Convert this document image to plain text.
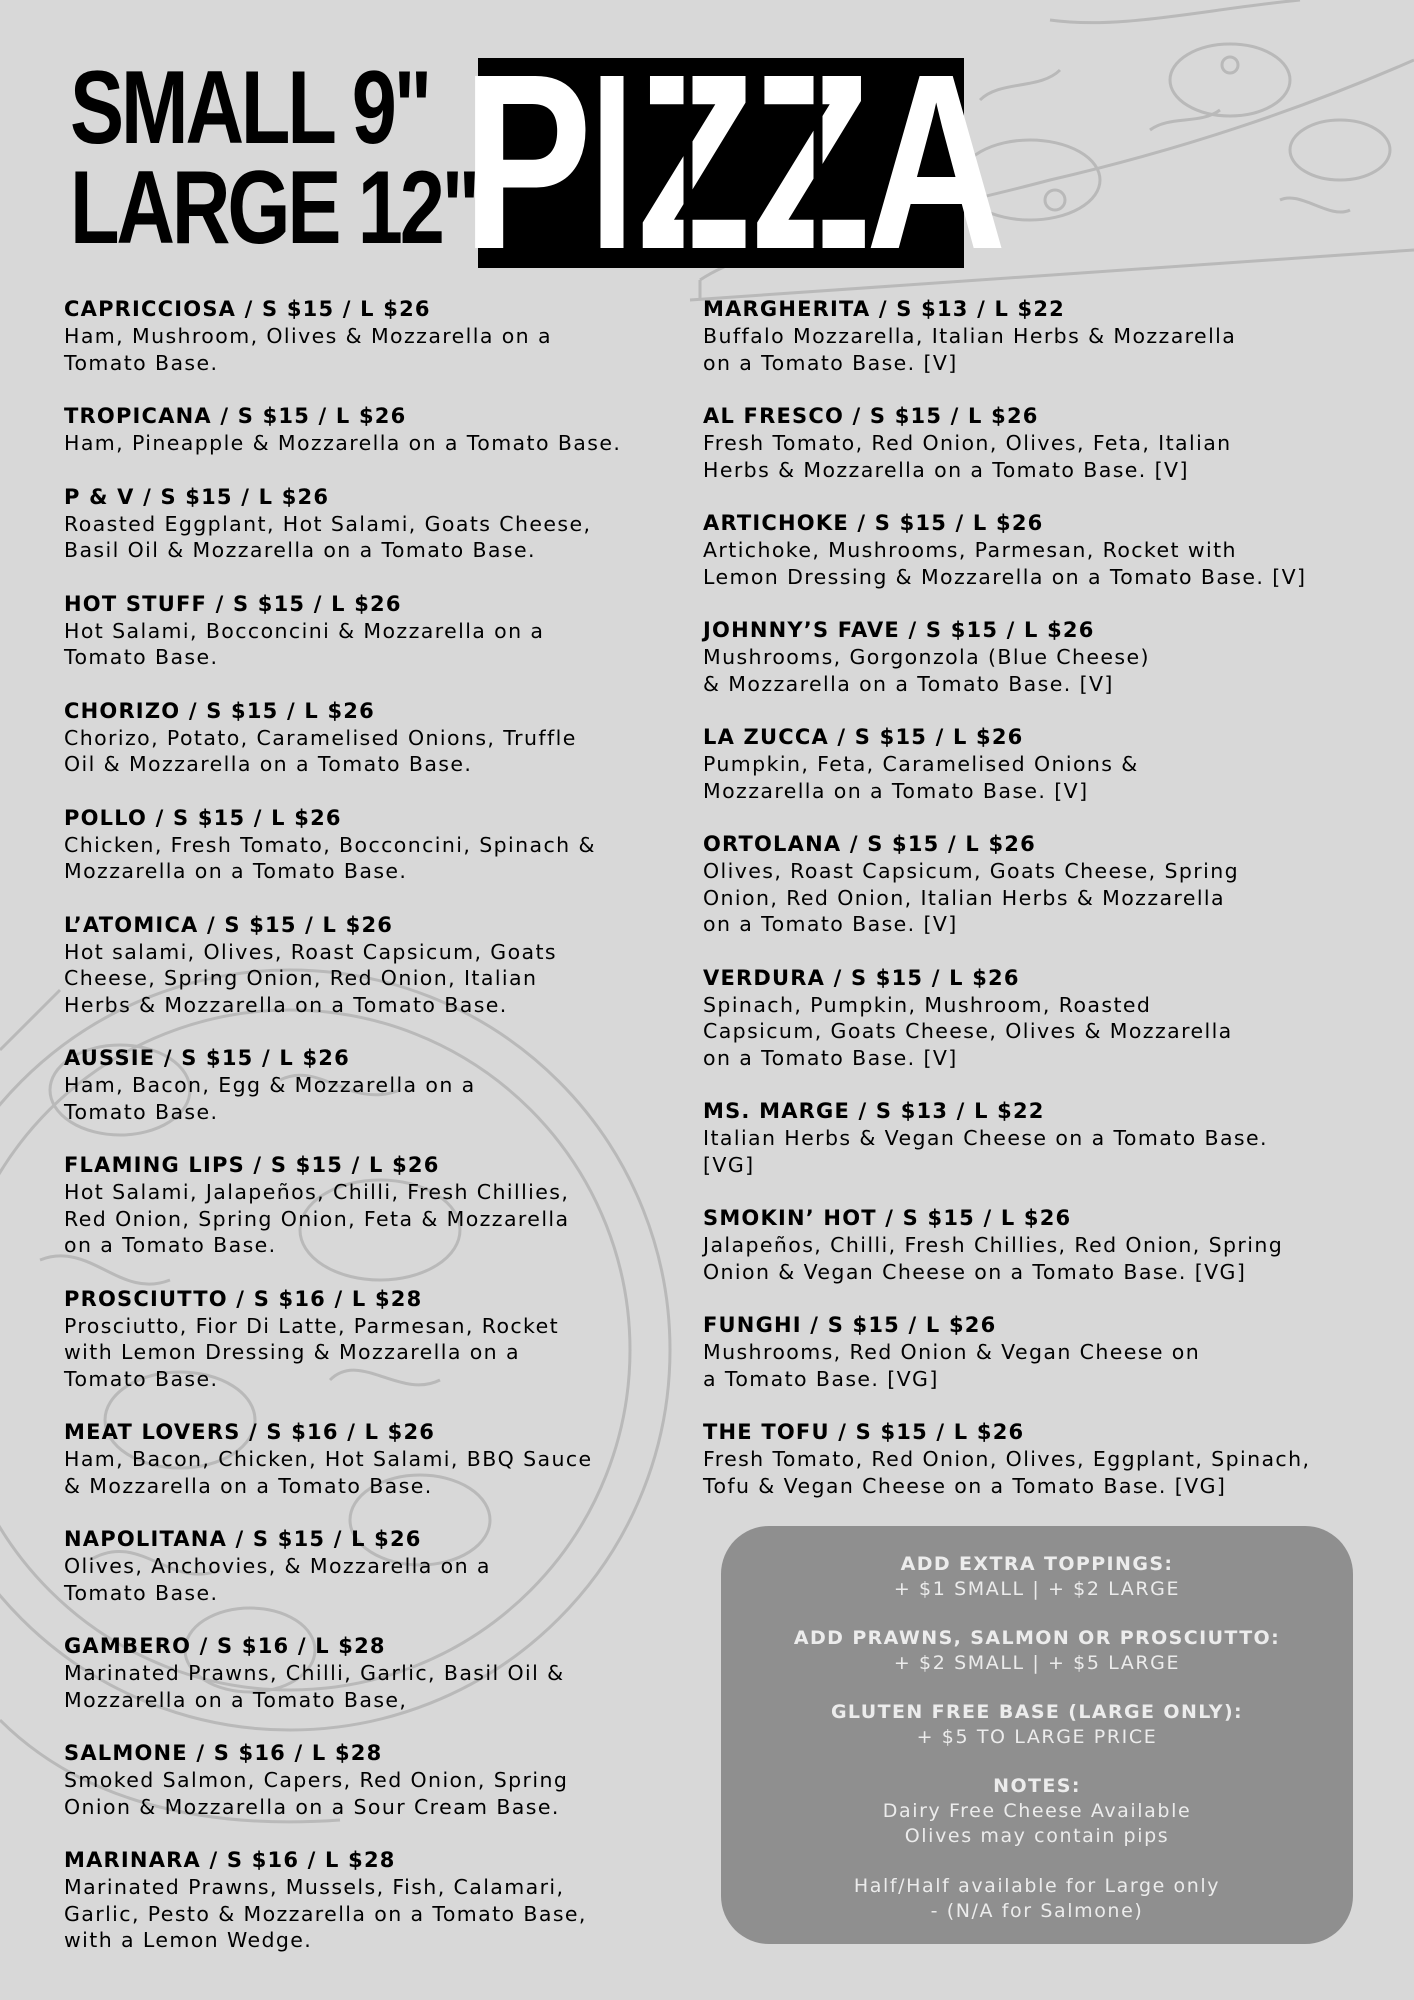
SMALL 9"
LARGE 12"
PIZZA
CAPRICCIOSA / S $15 / L $26
Ham, Mushroom, Olives & Mozzarella on a
Tomato Base.
TROPICANA / S $15 / L $26
Ham, Pineapple & Mozzarella on a Tomato Base.
P & V / S $15 / L $26
Roasted Eggplant, Hot Salami, Goats Cheese,
Basil Oil & Mozzarella on a Tomato Base.
HOT STUFF / S $15 / L $26
Hot Salami, Bocconcini & Mozzarella on a
Tomato Base.
CHORIZO / S $15 / L $26
Chorizo, Potato, Caramelised Onions, Truffle
Oil & Mozzarella on a Tomato Base.
POLLO / S $15 / L $26
Chicken, Fresh Tomato, Bocconcini, Spinach &
Mozzarella on a Tomato Base.
L’ATOMICA / S $15 / L $26
Hot salami, Olives, Roast Capsicum, Goats
Cheese, Spring Onion, Red Onion, Italian
Herbs & Mozzarella on a Tomato Base.
AUSSIE / S $15 / L $26
Ham, Bacon, Egg & Mozzarella on a
Tomato Base.
FLAMING LIPS / S $15 / L $26
Hot Salami, Jalapeños, Chilli, Fresh Chillies,
Red Onion, Spring Onion, Feta & Mozzarella
on a Tomato Base.
PROSCIUTTO / S $16 / L $28
Prosciutto, Fior Di Latte, Parmesan, Rocket
with Lemon Dressing & Mozzarella on a
Tomato Base.
MEAT LOVERS / S $16 / L $26
Ham, Bacon, Chicken, Hot Salami, BBQ Sauce
& Mozzarella on a Tomato Base.
NAPOLITANA / S $15 / L $26
Olives, Anchovies, & Mozzarella on a
Tomato Base.
GAMBERO / S $16 / L $28
Marinated Prawns, Chilli, Garlic, Basil Oil &
Mozzarella on a Tomato Base,
SALMONE / S $16 / L $28
Smoked Salmon, Capers, Red Onion, Spring
Onion & Mozzarella on a Sour Cream Base.
MARINARA / S $16 / L $28
Marinated Prawns, Mussels, Fish, Calamari,
Garlic, Pesto & Mozzarella on a Tomato Base,
with a Lemon Wedge.
MARGHERITA / S $13 / L $22
Buffalo Mozzarella, Italian Herbs & Mozzarella
on a Tomato Base. [V]
AL FRESCO / S $15 / L $26
Fresh Tomato, Red Onion, Olives, Feta, Italian
Herbs & Mozzarella on a Tomato Base. [V]
ARTICHOKE / S $15 / L $26
Artichoke, Mushrooms, Parmesan, Rocket with
Lemon Dressing & Mozzarella on a Tomato Base. [V]
JOHNNY’S FAVE / S $15 / L $26
Mushrooms, Gorgonzola (Blue Cheese)
& Mozzarella on a Tomato Base. [V]
LA ZUCCA / S $15 / L $26
Pumpkin, Feta, Caramelised Onions &
Mozzarella on a Tomato Base. [V]
ORTOLANA / S $15 / L $26
Olives, Roast Capsicum, Goats Cheese, Spring
Onion, Red Onion, Italian Herbs & Mozzarella
on a Tomato Base. [V]
VERDURA / S $15 / L $26
Spinach, Pumpkin, Mushroom, Roasted
Capsicum, Goats Cheese, Olives & Mozzarella
on a Tomato Base. [V]
MS. MARGE / S $13 / L $22
Italian Herbs & Vegan Cheese on a Tomato Base.
[VG]
SMOKIN’ HOT / S $15 / L $26
Jalapeños, Chilli, Fresh Chillies, Red Onion, Spring
Onion & Vegan Cheese on a Tomato Base. [VG]
FUNGHI / S $15 / L $26
Mushrooms, Red Onion & Vegan Cheese on
a Tomato Base. [VG]
THE TOFU / S $15 / L $26
Fresh Tomato, Red Onion, Olives, Eggplant, Spinach,
Tofu & Vegan Cheese on a Tomato Base. [VG]
ADD EXTRA TOPPINGS:
+ $1 SMALL | + $2 LARGE
ADD PRAWNS, SALMON OR PROSCIUTTO:
+ $2 SMALL | + $5 LARGE
GLUTEN FREE BASE (LARGE ONLY):
+ $5 TO LARGE PRICE
NOTES:
Dairy Free Cheese Available
Olives may contain pips
Half/Half available for Large only
- (N/A for Salmone)
